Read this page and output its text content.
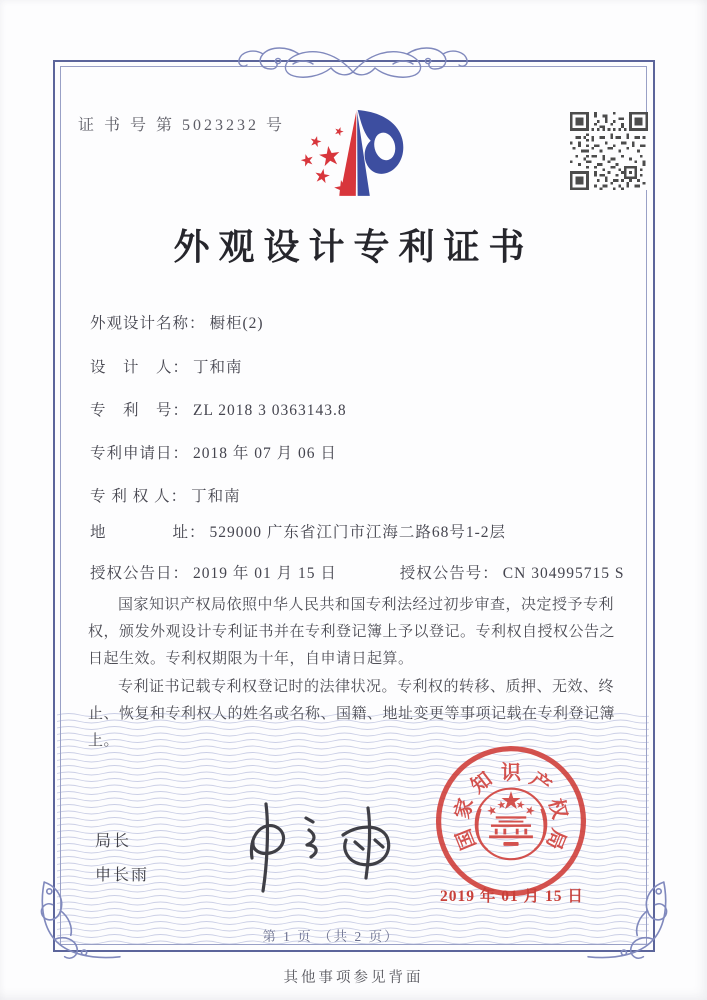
证 书 号 第 5023232 号
外观设计专利证书
外观设计名称： 橱柜(2)
设　计　人： 丁和南
专　利　号： ZL 2018 3 0363143.8
专利申请日： 2018 年 07 月 06 日
专 利 权 人： 丁和南
地　　　　址： 529000 广东省江门市江海二路68号1-2层
授权公告日： 2019 年 01 月 15 日	授权公告号： CN 304995715 S

国家知识产权局依照中华人民共和国专利法经过初步审查，决定授予专利权，颁发外观设计专利证书并在专利登记簿上予以登记。专利权自授权公告之日起生效。专利权期限为十年，自申请日起算。

专利证书记载专利权登记时的法律状况。专利权的转移、质押、无效、终止、恢复和专利权人的姓名或名称、国籍、地址变更等事项记载在专利登记簿上。

局长
申长雨
国
家
知 识 产
权
局
2019 年 01 月 15 日
第 1 页 （共 2 页）
其他事项参见背面
